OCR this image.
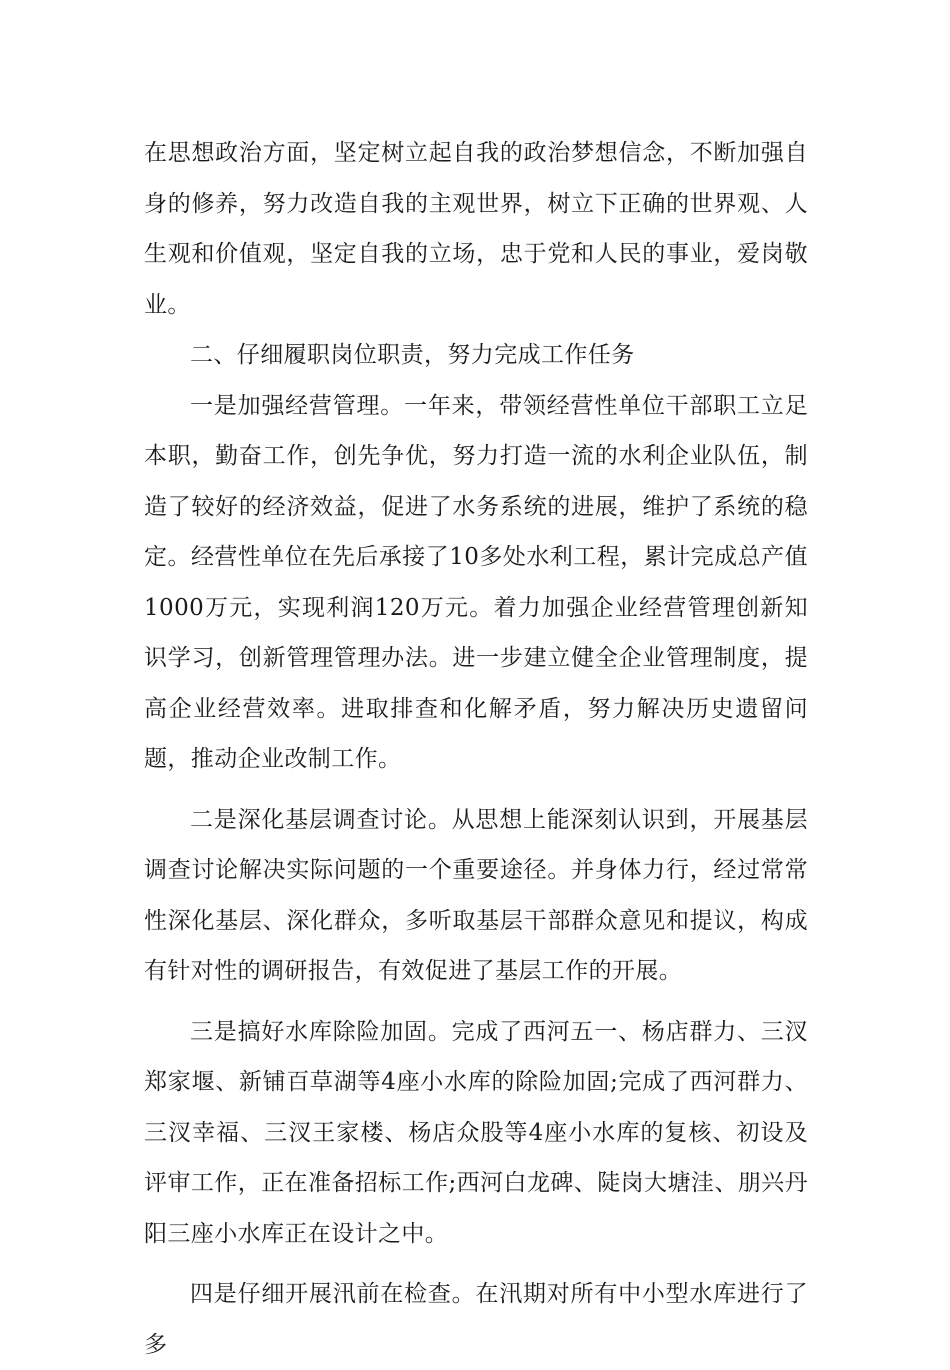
在思想政治方面，坚定树立起自我的政治梦想信念，不断加强自身的修养，努力改造自我的主观世界，树立下正确的世界观、人生观和价值观，坚定自我的立场，忠于党和人民的事业，爱岗敬业。

二、仔细履职岗位职责，努力完成工作任务

一是加强经营管理。一年来，带领经营性单位干部职工立足本职，勤奋工作，创先争优，努力打造一流的水利企业队伍，制造了较好的经济效益，促进了水务系统的进展，维护了系统的稳定。经营性单位在先后承接了10多处水利工程，累计完成总产值1000万元，实现利润120万元。着力加强企业经营管理创新知识学习，创新管理管理办法。进一步建立健全企业管理制度，提高企业经营效率。进取排查和化解矛盾，努力解决历史遗留问题，推动企业改制工作。

二是深化基层调查讨论。从思想上能深刻认识到，开展基层调查讨论解决实际问题的一个重要途径。并身体力行，经过常常性深化基层、深化群众，多听取基层干部群众意见和提议，构成有针对性的调研报告，有效促进了基层工作的开展。

三是搞好水库除险加固。完成了西河五一、杨店群力、三汊郑家堰、新铺百草湖等4座小水库的除险加固;完成了西河群力、三汊幸福、三汊王家楼、杨店众股等4座小水库的复核、初设及评审工作，正在准备招标工作;西河白龙碑、陡岗大塘洼、朋兴丹阳三座小水库正在设计之中。

四是仔细开展汛前在检查。在汛期对所有中小型水库进行了多
